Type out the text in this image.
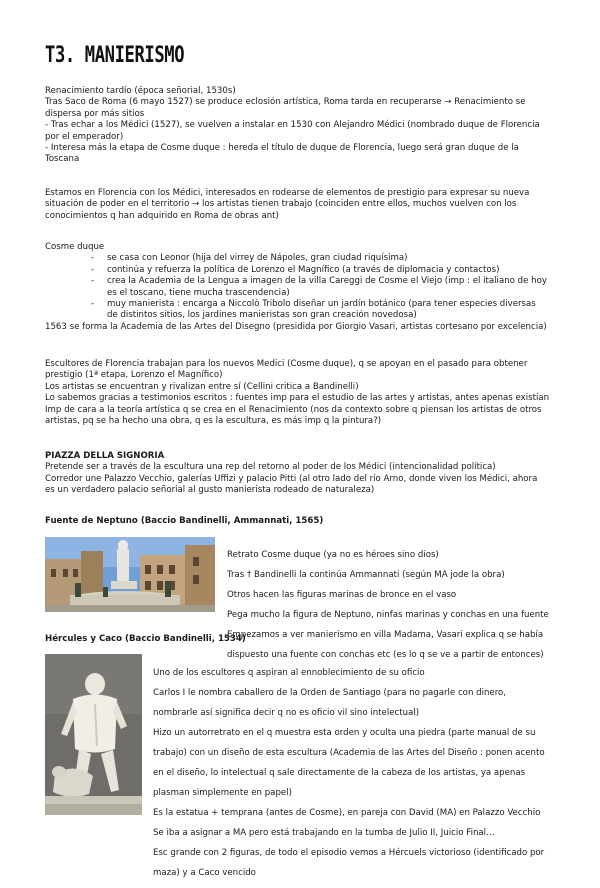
T3. MANIERISMO

Renacimiento tardío (época señorial, 1530s)

Tras Saco de Roma (6 mayo 1527) se produce eclosión artística, Roma tarda en recuperarse → Renacimiento se

dispersa por más sitios

- Tras echar a los Médici (1527), se vuelven a instalar en 1530 con Alejandro Médici (nombrado duque de Florencia

por el emperador)

- Interesa más la etapa de Cosme duque : hereda el título de duque de Florencia, luego será gran duque de la

Toscana

Estamos en Florencia con los Médici, interesados en rodearse de elementos de prestigio para expresar su nueva

situación de poder en el territorio → los artistas tienen trabajo (coinciden entre ellos, muchos vuelven con los

conocimientos q han adquirido en Roma de obras ant)

Cosme duque

- se casa con Leonor (hija del virrey de Nápoles, gran ciudad riquísima)
- continúa y refuerza la política de Lorenzo el Magnífico (a través de diplomacia y contactos)
- crea la Academia de la Lengua a imagen de la villa Careggi de Cosme el Viejo (imp : el italiano de hoy
es el toscano, tiene mucha trascendencia)
- muy manierista : encarga a Niccolò Tribolo diseñar un jardín botánico (para tener especies diversas
de distintos sitios, los jardines manieristas son gran creación novedosa)

1563 se forma la Academia de las Artes del Disegno (presidida por Giorgio Vasari, artistas cortesano por excelencia)

Escultores de Florencia trabajan para los nuevos Medici (Cosme duque), q se apoyan en el pasado para obtener

prestigio (1ª etapa, Lorenzo el Magnífico)

Los artistas se encuentran y rivalizan entre sí (Cellini critica a Bandinelli)

Lo sabemos gracias a testimonios escritos : fuentes imp para el estudio de las artes y artistas, antes apenas existían

Imp de cara a la teoría artística q se crea en el Renacimiento (nos da contexto sobre q piensan los artistas de otros

artistas, pq se ha hecho una obra, q es la escultura, es más imp q la pintura?)

PIAZZA DELLA SIGNORIA

Pretende ser a través de la escultura una rep del retorno al poder de los Médici (intencionalidad política)

Corredor une Palazzo Vecchio, galerías Uffizi y palacio Pitti (al otro lado del río Arno, donde viven los Médici, ahora

es un verdadero palacio señorial al gusto manierista rodeado de naturaleza)

Fuente de Neptuno (Baccio Bandinelli, Ammannati, 1565)

Retrato Cosme duque (ya no es héroes sino dios)

Tras † Bandinelli la continúa Ammannati (según MA jode la obra)

Otros hacen las figuras marinas de bronce en el vaso

Pega mucho la figura de Neptuno, ninfas marinas y conchas en una fuente

Empezamos a ver manierismo en villa Madama, Vasari explica q se había

dispuesto una fuente con conchas etc (es lo q se ve a partir de entonces)

Hércules y Caco (Baccio Bandinelli, 1534)

Uno de los escultores q aspiran al ennoblecimiento de su oficio

Carlos I le nombra caballero de la Orden de Santiago (para no pagarle con dinero,

nombrarle así significa decir q no es oficio vil sino intelectual)

Hizo un autorretrato en el q muestra esta orden y oculta una piedra (parte manual de su

trabajo) con un diseño de esta escultura (Academia de las Artes del Diseño : ponen acento

en el diseño, lo intelectual q sale directamente de la cabeza de los artistas, ya apenas

plasman simplemente en papel)

Es la estatua + temprana (antes de Cosme), en pareja con David (MA) en Palazzo Vecchio

Se iba a asignar a MA pero está trabajando en la tumba de Julio II, Juicio Final…

Esc grande con 2 figuras, de todo el episodio vemos a Hércuels victorioso (identificado por

maza) y a Caco vencido
